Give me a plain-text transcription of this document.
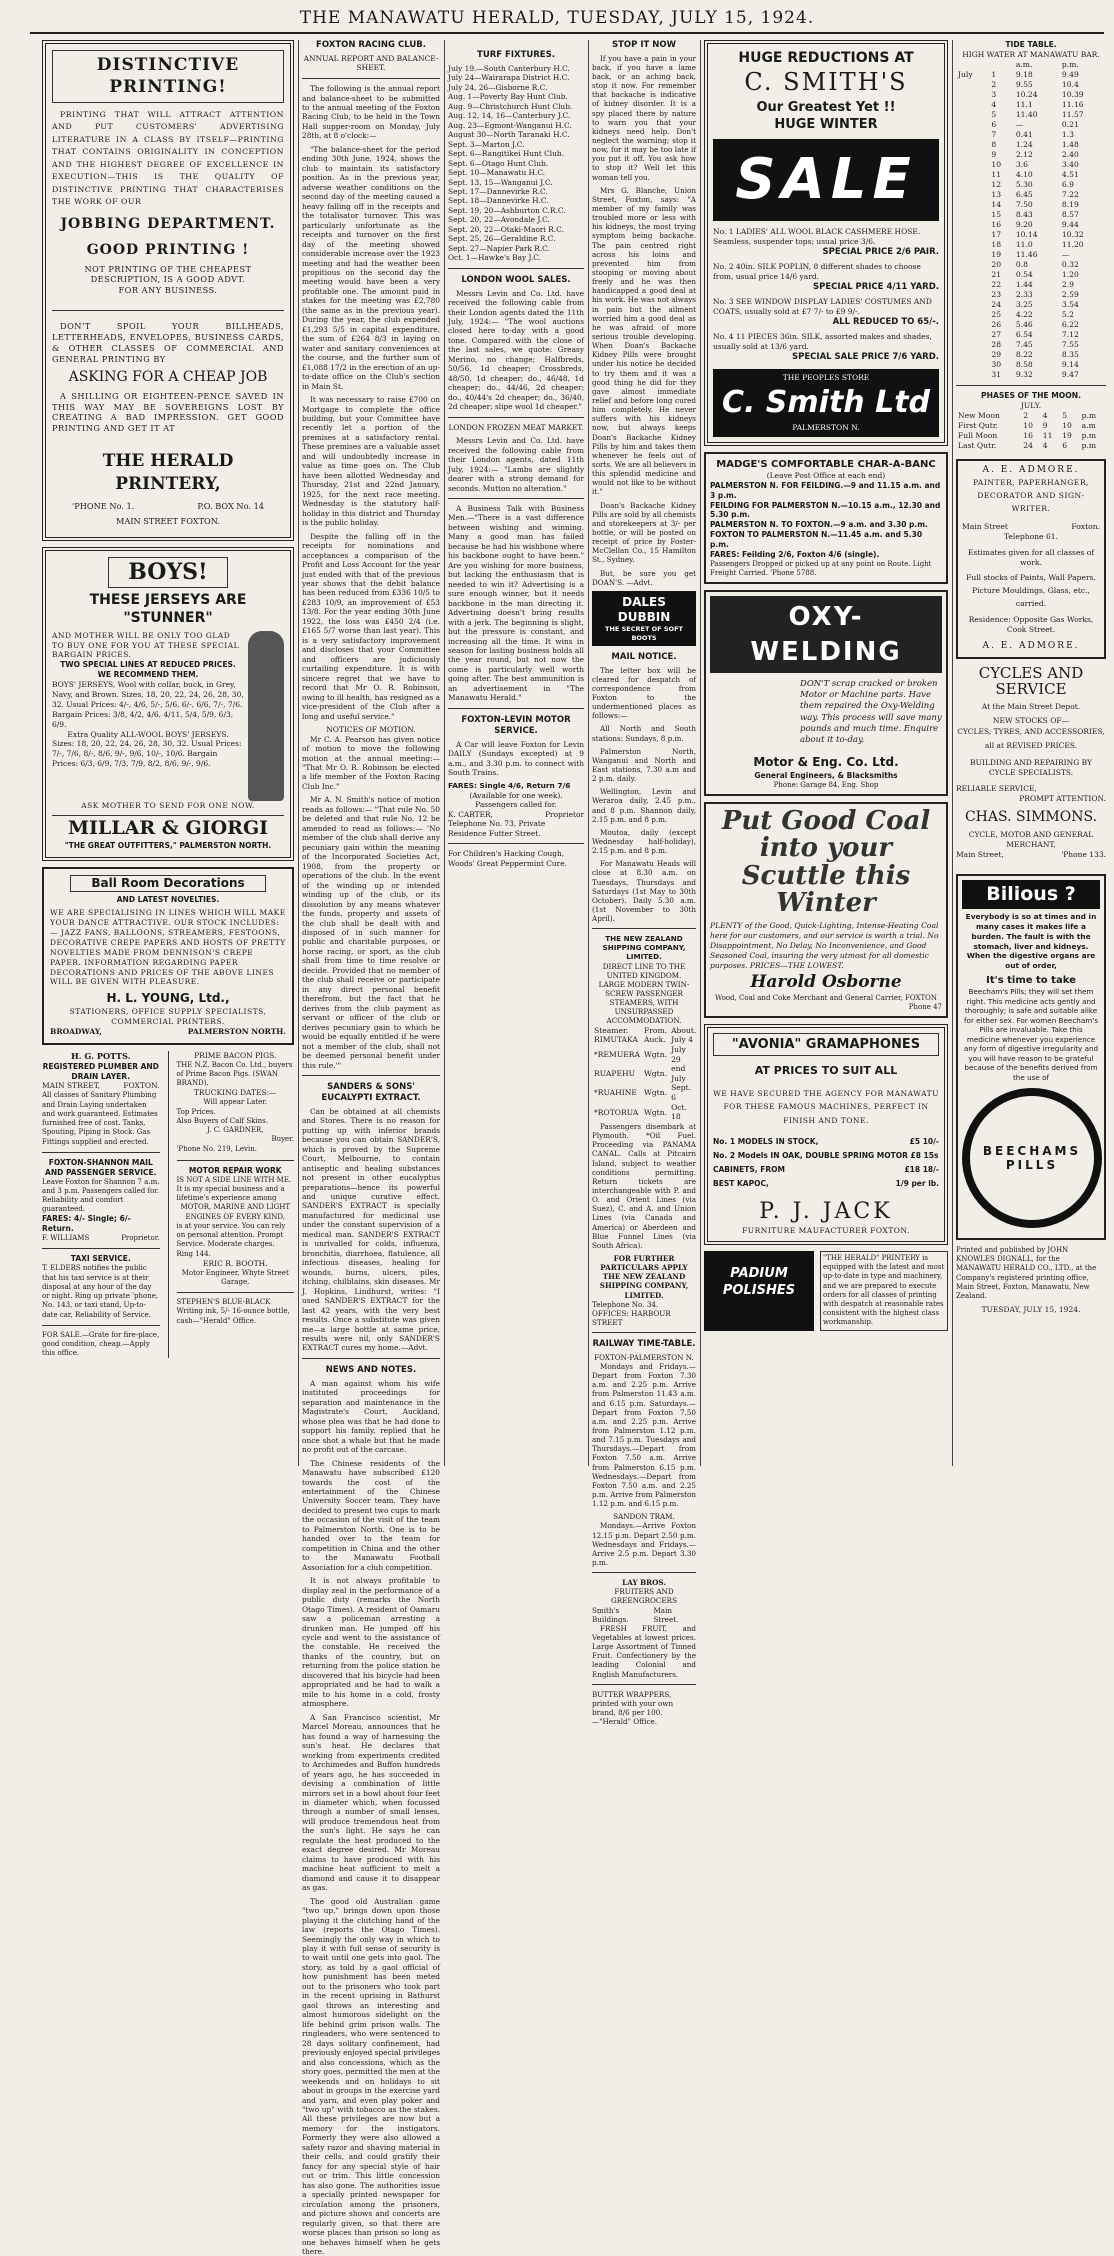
THE MANAWATU HERALD, TUESDAY, JULY 15, 1924.
DISTINCTIVE PRINTING!

PRINTING THAT WILL ATTRACT ATTENTION AND PUT CUSTOMERS' ADVERTISING LITERATURE IN A CLASS BY ITSELF—PRINTING THAT CONTAINS ORIGINALITY IN CONCEPTION AND THE HIGHEST DEGREE OF EXCELLENCE IN EXECUTION—THIS IS THE QUALITY OF DISTINCTIVE PRINTING THAT CHARACTERISES THE WORK OF OUR

JOBBING DEPARTMENT.
GOOD PRINTING !

NOT PRINTING OF THE CHEAPEST DESCRIPTION, IS A GOOD ADVT. FOR ANY BUSINESS.

DON'T SPOIL YOUR BILLHEADS, LETTERHEADS, ENVELOPES, BUSINESS CARDS, & OTHER CLASSES OF COMMERCIAL AND GENERAL PRINTING BY

ASKING FOR A CHEAP JOB

A SHILLING OR EIGHTEEN-PENCE SAVED IN THIS WAY MAY BE SOVEREIGNS LOST BY CREATING A BAD IMPRESSION. GET GOOD PRINTING AND GET IT AT

THE HERALD PRINTERY,
'PHONE No. 1.	P.O. BOX No. 14
MAIN STREET FOXTON.
BOYS!
THESE JERSEYS ARE "STUNNER"
AND MOTHER WILL BE ONLY TOO GLAD TO BUY ONE FOR YOU AT THESE SPECIAL BARGAIN PRICES.
TWO SPECIAL LINES AT REDUCED PRICES.
WE RECOMMEND THEM.
BOYS' JERSEYS, Wool with collar, buck, in Grey, Navy, and Brown. Sizes, 18, 20, 22, 24, 26, 28, 30, 32. Usual Prices: 4/-, 4/6, 5/-, 5/6, 6/-, 6/6, 7/-, 7/6. Bargain Prices: 3/8, 4/2, 4/6, 4/11, 5/4, 5/9, 6/3, 6/9.
Extra Quality ALL-WOOL BOYS' JERSEYS.
Sizes: 18, 20, 22, 24, 26, 28, 30, 32. Usual Prices: 7/-, 7/6, 8/-, 8/6, 9/-, 9/6, 10/-, 10/6. Bargain Prices: 6/3, 6/9, 7/3, 7/9, 8/2, 8/6, 9/-, 9/6.
ASK MOTHER TO SEND FOR ONE NOW.
MILLAR & GIORGI
"THE GREAT OUTFITTERS," PALMERSTON NORTH.
Ball Room Decorations
AND LATEST NOVELTIES.
WE ARE SPECIALISING IN LINES WHICH WILL MAKE YOUR DANCE ATTRACTIVE. OUR STOCK INCLUDES:— JAZZ FANS, BALLOONS, STREAMERS, FESTOONS, DECORATIVE CREPE PAPERS AND HOSTS OF PRETTY NOVELTIES MADE FROM DENNISON'S CREPE PAPER. INFORMATION REGARDING PAPER DECORATIONS AND PRICES OF THE ABOVE LINES WILL BE GIVEN WITH PLEASURE.
H. L. YOUNG, Ltd.,
STATIONERS, OFFICE SUPPLY SPECIALISTS, COMMERCIAL PRINTERS.
BROADWAY,	PALMERSTON NORTH.
H. G. POTTS.
REGISTERED PLUMBER AND DRAIN LAYER.
MAIN STREET,	FOXTON.
All classes of Sanitary Plumbing and Drain Laying undertaken and work guaranteed. Estimates furnished free of cost. Tanks, Spouting, Piping in Stock. Gas Fittings supplied and erected.
FOXTON-SHANNON MAIL AND PASSENGER SERVICE.
Leave Foxton for Shannon 7 a.m. and 3 p.m. Passengers called for. Reliability and comfort guaranteed.
FARES: 4/- Single; 6/- Return.
F. WILLIAMS	Proprietor.
TAXI SERVICE.
T. ELDERS notifies the public that his taxi service is at their disposal at any hour of the day or night. Ring up private 'phone, No. 143, or taxi stand, Up-to-date car, Reliability of Service.
FOR SALE.—Grate for fire-place, good condition, cheap.—Apply this office.
PRIME BACON PIGS.
THE N.Z. Bacon Co. Ltd., buyers of Prime Bacon Pigs. (SWAN BRAND).
TRUCKING DATES:—
Will appear Later.
Top Prices.
Also Buyers of Calf Skins.
J. C. GARDNER,
Buyer.
'Phone No. 219, Levin.
MOTOR REPAIR WORK
IS NOT A SIDE LINE WITH ME. It is my special business and a lifetime's experience among
MOTOR, MARINE AND LIGHT ENGINES OF EVERY KIND,
is at your service. You can rely on personal attention. Prompt Service. Moderate charges.
Ring 144.
ERIC R. BOOTH.
Motor Engineer, Whyte Street Garage.
STEPHEN'S BLUE-BLACK Writing ink, 5/- 16-ounce bottle, cash—"Herald" Office.
FOXTON RACING CLUB.
ANNUAL REPORT AND BALANCE-SHEET.

The following is the annual report and balance-sheet to be submitted to the annual meeting of the Foxton Racing Club, to be held in the Town Hall supper-room on Monday, July 28th, at 8 o'clock:—

"The balance-sheet for the period ending 30th June, 1924, shows the club to maintain its satisfactory position. As in the previous year, adverse weather conditions on the second day of the meeting caused a heavy falling off in the receipts and the totalisator turnover. This was particularly unfortunate as the receipts and turnover on the first day of the meeting showed considerable increase over the 1923 meeting and had the weather been propitious on the second day the meeting would have been a very profitable one. The amount paid in stakes for the meeting was £2,780 (the same as in the previous year). During the year, the club expended £1,293 5/5 in capital expenditure, the sum of £264 8/3 in laying on water and sanitary conveniences at the course, and the further sum of £1,088 17/2 in the erection of an up-to-date office on the Club's section in Main St.

It was necessary to raise £700 on Mortgage to complete the office building, but your Committee have recently let a portion of the premises at a satisfactory rental. These premises are a valuable asset and will undoubtedly increase in value as time goes on. The Club have been allotted Wednesday and Thursday, 21st and 22nd January, 1925, for the next race meeting. Wednesday is the statutory half-holiday in this district and Thursday is the public holiday.

Despite the falling off in the receipts for nominations and acceptances a comparison of the Profit and Loss Account for the year just ended with that of the previous year shows that the debit balance has been reduced from £336 10/5 to £283 10/9, an improvement of £53 13/8. For the year ending 30th June 1922, the loss was £450 2/4 (i.e. £165 5/7 worse than last year). This is a very satisfactory improvement and discloses that your Committee and officers are judiciously curtailing expenditure. It is with sincere regret that we have to record that Mr O. R. Robinson, owing to ill health, has resigned as a vice-president of the Club after a long and useful service."

NOTICES OF MOTION.

Mr C. A. Pearson has given notice of motion to move the following motion at the annual meeting:— "That Mr O. R. Robinson be elected a life member of the Foxton Racing Club Inc."

Mr A. N. Smith's notice of motion reads as follows:— "That rule No. 50 be deleted and that rule No. 12 be amended to read as follows:— 'No member of the club shall derive any pecuniary gain within the meaning of the Incorporated Societies Act, 1908, from the property or operations of the club. In the event of the winding up or intended winding up of the club, or its dissolution by any means whatever the funds, property and assets of the club shall be dealt with and disposed of in such manner for public and charitable purposes, or horse racing, or sport, as the club shall from time to time resolve or decide. Provided that no member of the club shall receive or participate in any direct personal benefit therefrom, but the fact that he derives from the club payment as servant or officer of the club or derives pecuniary gain to which he would be equally entitled if he were not a member of the club, shall not be deemed personal benefit under this rule.'"

SANDERS & SONS' EUCALYPTI EXTRACT.

Can be obtained at all chemists and Stores. There is no reason for putting up with inferior brands because you can obtain SANDER'S, which is proved by the Supreme Court, Melbourne, to contain antiseptic and healing substances not present in other eucalyptus preparations—hence its powerful and unique curative effect. SANDER'S EXTRACT is specially manufactured for medicinal use under the constant supervision of a medical man. SANDER'S EXTRACT is unrivalled for colds, influenza, bronchitis, diarrhoea, flatulence, all infectious diseases, healing for wounds, burns, ulcers, piles, itching, chilblains, skin diseases. Mr J. Hopkins, Lindhurst, writes: "I used SANDER'S EXTRACT for the last 42 years, with the very best results. Once a substitute was given me—a large bottle at same price, results were nil, only SANDER'S EXTRACT cures my home.—Advt.

NEWS AND NOTES.

A man against whom his wife instituted proceedings for separation and maintenance in the Magistrate's Court, Auckland, whose plea was that he had done to support his family, replied that he once shot a whale but that he made no profit out of the carcase.

The Chinese residents of the Manawatu have subscribed £120 towards the cost of the entertainment of the Chinese University Soccer team. They have decided to present two cups to mark the occasion of the visit of the team to Palmerston North. One is to be handed over to the team for competition in China and the other to the Manawatu Football Association for a club competition.

It is not always profitable to display zeal in the performance of a public duty (remarks the North Otago Times). A resident of Oamaru saw a policeman arresting a drunken man. He jumped off his cycle and went to the assistance of the constable. He received the thanks of the country, but on returning from the police station he discovered that his bicycle had been appropriated and he had to walk a mile to his home in a cold, frosty atmosphere.

A San Francisco scientist, Mr Marcel Moreau, announces that he has found a way of harnessing the sun's heat. He declares that working from experiments credited to Archimedes and Buffon hundreds of years ago, he has succeeded in devising a combination of little mirrors set in a bowl about four feet in diameter which, when focussed through a number of small lenses, will produce tremendous heat from the sun's light. He says he can regulate the heat produced to the exact degree desired. Mr Moreau claims to have produced with his machine heat sufficient to melt a diamond and cause it to disappear as gas.

The good old Australian game "two up," brings down upon those playing it the clutching hand of the law (reports the Otago Times). Seemingly the only way in which to play it with full sense of security is to wait until one gets into gaol. The story, as told by a gaol official of how punishment has been meted out to the prisoners who took part in the recent uprising in Bathurst gaol throws an interesting and almost humorous sidelight on the life behind grim prison walls. The ringleaders, who were sentenced to 28 days solitary confinement, had previously enjoyed special privileges and also concessions, which as the story goes, permitted the men at the weekends and on holidays to sit about in groups in the exercise yard and yarn, and even play poker and "two up" with tobacco as the stakes. All these privileges are now but a memory for the instigators. Formerly they were also allowed a safety razor and shaving material in their cells, and could gratify their fancy for any special style of hair cut or trim. This little concession has also gone. The authorities issue a specially printed newspaper for circulation among the prisoners, and picture shows and concerts are regularly given, so that there are worse places than prison so long as one behaves himself when he gets there.

TURF FIXTURES.
July 19.—South Canterbury H.C.
July 24—Wairarapa District H.C.
July 24, 26—Gisborne R.C.
Aug. 1—Poverty Bay Hunt Club.
Aug. 9—Christchurch Hunt Club.
Aug. 12, 14, 16—Canterbury J.C.
Aug. 23—Egmont-Wanganui H.C.
August 30—North Taranaki H.C.
Sept. 3—Marton J.C.
Sept. 6—Rangitikei Hunt Club.
Sept. 6—Otago Hunt Club.
Sept. 10—Manawatu H.C.
Sept. 13, 15—Wanganui J.C.
Sept. 17—Dannevirke R.C.
Sept. 18—Dannevirke H.C.
Sept. 19, 20—Ashburton C.R.C.
Sept. 20, 22—Avondale J.C.
Sept. 20, 22—Otaki-Maori R.C.
Sept. 25, 26—Geraldine R.C.
Sept. 27—Napier Park R.C.
Oct. 1—Hawke's Bay J.C.
LONDON WOOL SALES.

Messrs Levin and Co. Ltd. have received the following cable from their London agents dated the 11th July, 1924:— "The wool auctions closed here to-day with a good tone. Compared with the close of the last sales, we quote: Greasy Merino, no change; Halfbreds, 50/56, 1d cheaper; Crossbreds, 48/50, 1d cheaper; do., 46/48, 1d cheaper; do., 44/46, 2d cheaper; do., 40/44's 2d cheaper; do., 36/40, 2d cheaper; slipe wool 1d cheaper."

LONDON FROZEN MEAT MARKET.

Messrs Levin and Co. Ltd. have received the following cable from their London agents, dated 11th July, 1924:— "Lambs are slightly dearer with a strong demand for seconds. Mutton no alteration."

A Business Talk with Business Men.—"There is a vast difference between wishing and winning. Many a good man has failed because he had his wishbone where his backbone ought to have been." Are you wishing for more business, but lacking the enthusiasm that is needed to win it? Advertising is a sure enough winner, but it needs backbone in the man directing it. Advertising doesn't bring results with a jerk. The beginning is slight, but the pressure is constant, and increasing all the time. It wins in season for lasting business holds all the year round, but not now the come is particularly well worth going after. The best ammunition is an advertisement in "The Manawatu Herald."

FOXTON-LEVIN MOTOR SERVICE.

A Car will leave Foxton for Levin DAILY (Sundays excepted) at 9 a.m., and 3.30 p.m. to connect with South Trains.

FARES: Single 4/6, Return 7/6
(Available for one week). Passengers called for.
K. CARTER,	Proprietor
Telephone No. 73, Private Residence Futter Street.
For Children's Hacking Cough, Woods' Great Peppermint Cure.
STOP IT NOW

If you have a pain in your back, if you have a lame back, or an aching back, stop it now. For remember that backache is indicative of kidney disorder. It is a spy placed there by nature to warn you that your kidneys need help. Don't neglect the warning; stop it now, for it may be too late if you put it off. You ask how to stop it? Well let this woman tell you.

Mrs G. Blanche, Union Street, Foxton, says: "A member of my family was troubled more or less with his kidneys, the most trying symptom being backache. The pain centred right across his loins and prevented him from stooping or moving about freely and he was then handicapped a good deal at his work. He was not always in pain but the ailment worried him a good deal as he was afraid of more serious trouble developing. When Doan's Backache Kidney Pills were brought under his notice he decided to try them and it was a good thing he did for they gave almost immediate relief and before long cured him completely. He never suffers with his kidneys now, but always keeps Doan's Backache Kidney Pills by him and takes them whenever he feels out of sorts. We are all believers in this splendid medicine and would not like to be without it."

Doan's Backache Kidney Pills are sold by all chemists and storekeepers at 3/- per bottle, or will be posted on receipt of price by Foster-McClellan Co., 15 Hamilton St., Sydney.

But, be sure you get DOAN'S. —Advt.

DALES DUBBIN
THE SECRET OF SOFT BOOTS
MAIL NOTICE.

The letter box will be cleared for despatch of correspondence from Foxton to the undermentioned places as follows:—

All North and South stations: Sundays, 8 p.m.

Palmerston North, Wanganui and North and East stations, 7.30 a.m and 2 p.m. daily.

Wellington, Levin and Weraroa daily, 2.45 p.m., and 8 p.m. Shannon daily, 2.15 p.m. and 8 p.m.

Moutoa, daily (except Wednesday half-holiday), 2.15 p.m. and 8 p.m.

For Manawatu Heads will close at 8.30 a.m. on Tuesdays, Thursdays and Saturdays (1st May to 30th October). Daily 5.30 a.m. (1st November to 30th April).

THE NEW ZEALAND SHIPPING COMPANY, LIMITED.
DIRECT LINE TO THE UNITED KINGDOM.
LARGE MODERN TWIN-SCREW PASSENGER STEAMERS, WITH UNSURPASSED ACCOMMODATION.
Steamer.	From.	About.
RIMUTAKA	Auck.	July 4
*REMUERA	Wgtn.	July 29
RUAPEHU	Wgtn.	end July
*RUAHINE	Wgtn.	Sept. 6
*ROTORUA	Wgtn.	Oct. 18

Passengers disembark at Plymouth. *Oil Fuel. Proceeding via PANAMA CANAL. Calls at Pitcairn Island, subject to weather conditions permitting. Return tickets are interchangeable with P. and O. and Orient Lines (via Suez), C. and A. and Union Lines (via Canada and America) or Aberdeen and Blue Funnel Lines (via South Africa).

FOR FURTHER PARTICULARS APPLY THE NEW ZEALAND SHIPPING COMPANY, LIMITED.
Telephone No. 34.
OFFICES: HARBOUR STREET
RAILWAY TIME-TABLE.
FOXTON-PALMERSTON N.

Mondays and Fridays.—Depart from Foxton 7.30 a.m. and 2.25 p.m. Arrive from Palmerston 11.43 a.m. and 6.15 p.m. Saturdays.—Depart from Foxton 7.50 a.m. and 2.25 p.m. Arrive from Palmerston 1.12 p.m. and 7.15 p.m. Tuesdays and Thursdays.—Depart from Foxton 7.50 a.m. Arrive from Palmerston 6.15 p.m. Wednesdays.—Depart from Foxton 7.50 a.m. and 2.25 p.m. Arrive from Palmerston 1.12 p.m. and 6.15 p.m.

SANDON TRAM.

Mondays.—Arrive Foxton 12.15 p.m. Depart 2.50 p.m. Wednesdays and Fridays.—Arrive 2.5 p.m. Depart 3.30 p.m.

LAY BROS.
FRUITERS AND GREENGROCERS
Smith's Buildings.
Main Street.

FRESH FRUIT, and Vegetables at lowest prices. Large Assortment of Tinned Fruit. Confectionery by the leading Colonial and English Manufacturers.

BUTTER WRAPPERS, printed with your own brand, 8/6 per 100.—"Herald" Office.
HUGE REDUCTIONS AT
C. SMITH'S
Our Greatest Yet !!
HUGE WINTER
SALE
No. 1 LADIES' ALL WOOL BLACK CASHMERE HOSE. Seamless, suspender tops; usual price 3/6.
SPECIAL PRICE 2/6 PAIR.
No. 2 40in. SILK POPLIN, 8 different shades to choose from, usual price 14/6 yard.
SPECIAL PRICE 4/11 YARD.
No. 3 SEE WINDOW DISPLAY LADIES' COSTUMES AND COATS, usually sold at £7 7/- to £9 9/-.
ALL REDUCED TO 65/-.
No. 4 11 PIECES 36in. SILK, assorted makes and shades, usually sold at 13/6 yard.
SPECIAL SALE PRICE 7/6 YARD.
THE PEOPLES STORE
C. Smith Ltd
PALMERSTON N.
MADGE'S COMFORTABLE CHAR-A-BANC
(Leave Post Office at each end)
PALMERSTON N. FOR FEILDING.—9 and 11.15 a.m. and 3 p.m.
FEILDING FOR PALMERSTON N.—10.15 a.m., 12.30 and 5.30 p.m.
PALMERSTON N. TO FOXTON.—9 a.m. and 3.30 p.m.
FOXTON TO PALMERSTON N.—11.45 a.m. and 5.30 p.m.
FARES: Feilding 2/6, Foxton 4/6 (single).
Passengers Dropped or picked up at any point on Route. Light Freight Carried. 'Phone 5788.
OXY-WELDING
DON'T scrap cracked or broken Motor or Machine parts. Have them repaired the Oxy-Welding way. This process will save many pounds and much time. Enquire about it to-day.
Motor & Eng. Co. Ltd.
General Engineers, & Blacksmiths
Phone: Garage 84, Eng. Shop
Put Good Coal into your Scuttle this Winter
PLENTY of the Good, Quick-Lighting, Intense-Heating Coal here for our customers, and our service is worth a trial. No Disappointment, No Delay, No Inconvenience, and Good Seasoned Coal, insuring the very utmost for all domestic purposes. PRICES—THE LOWEST.
Harold Osborne
Wood, Coal and Coke Merchant and General Carrier, FOXTON
Phone 47
"AVONIA" GRAMAPHONES
AT PRICES TO SUIT ALL
WE HAVE SECURED THE AGENCY FOR MANAWATU FOR THESE FAMOUS MACHINES, PERFECT IN FINISH AND TONE.
No. 1 MODELS IN STOCK,	£5 10/-
No. 2 Models IN OAK, DOUBLE SPRING MOTOR £8 15s
CABINETS, FROM	£18 18/-
BEST KAPOC,	1/9 per lb.
P. J. JACK
FURNITURE MAUFACTURER FOXTON.
PADIUM POLISHES
"THE HERALD" PRINTERY is equipped with the latest and most up-to-date in type and machinery, and we are prepared to execute orders for all classes of printing with despatch at reasonable rates consistent with the highest class workmanship.
TIDE TABLE.
HIGH WATER AT MANAWATU BAR.
		a.m.	p.m.
July	1	9.18	9.49
	2	9.55	10.4
	3	10.24	10.39
	4	11.1	11.16
	5	11.40	11.57
	6	—	0.21
	7	0.41	1.3
	8	1.24	1.48
	9	2.12	2.40
	10	3.6	3.40
	11	4.10	4.51
	12	5.30	6.9
	13	6.45	7.22
	14	7.50	8.19
	15	8.43	8.57
	16	9.20	9.44
	17	10.14	10.32
	18	11.0	11.20
	19	11.46	—
	20	0.8	0.32
	21	0.54	1.20
	22	1.44	2.9
	23	2.33	2.59
	24	3.25	3.54
	25	4.22	5.2
	26	5.46	6.22
	27	6.54	7.12
	28	7.45	7.55
	29	8.22	8.35
	30	8.58	9.14
	31	9.32	9.47
PHASES OF THE MOON.
JULY.
New Moon	2	4	5	p.m
First Qutr.	10	9	10	a.m
Full Moon	16	11	19	p.m
Last Qutr.	24	4	6	p.m
A. E. ADMORE.
PAINTER, PAPERHANGER, DECORATOR AND SIGN-WRITER.
Main Street	Foxton.
Telephone 61.
Estimates given for all classes of work.
Full stocks of Paints, Wall Papers, Picture Mouldings, Glass, etc., carried.
Residence: Opposite Gas Works, Cook Street.
A. E. ADMORE.
CYCLES AND SERVICE
At the Main Street Depot.
NEW STOCKS OF—
CYCLES, TYRES, AND ACCESSORIES, all at REVISED PRICES.
BUILDING AND REPAIRING BY CYCLE SPECIALISTS.
RELIABLE SERVICE,
PROMPT ATTENTION.
CHAS. SIMMONS.
CYCLE, MOTOR AND GENERAL MERCHANT,
Main Street,	'Phone 133.
Bilious ?
Everybody is so at times and in many cases it makes life a burden. The fault is with the stomach, liver and kidneys. When the digestive organs are out of order,
It's time to take
Beecham's Pills; they will set them right. This medicine acts gently and thoroughly; is safe and suitable alike for either sex. For women Beecham's Pills are invaluable. Take this medicine whenever you experience any form of digestive irregularity and you will have reason to be grateful because of the benefits derived from the use of
BEECHAMS PILLS
Printed and published by JOHN KNOWLES DIGNALL, for the MANAWATU HERALD CO., LTD., at the Company's registered printing office, Main Street, Foxton, Manawatu, New Zealand.
TUESDAY, JULY 15, 1924.
